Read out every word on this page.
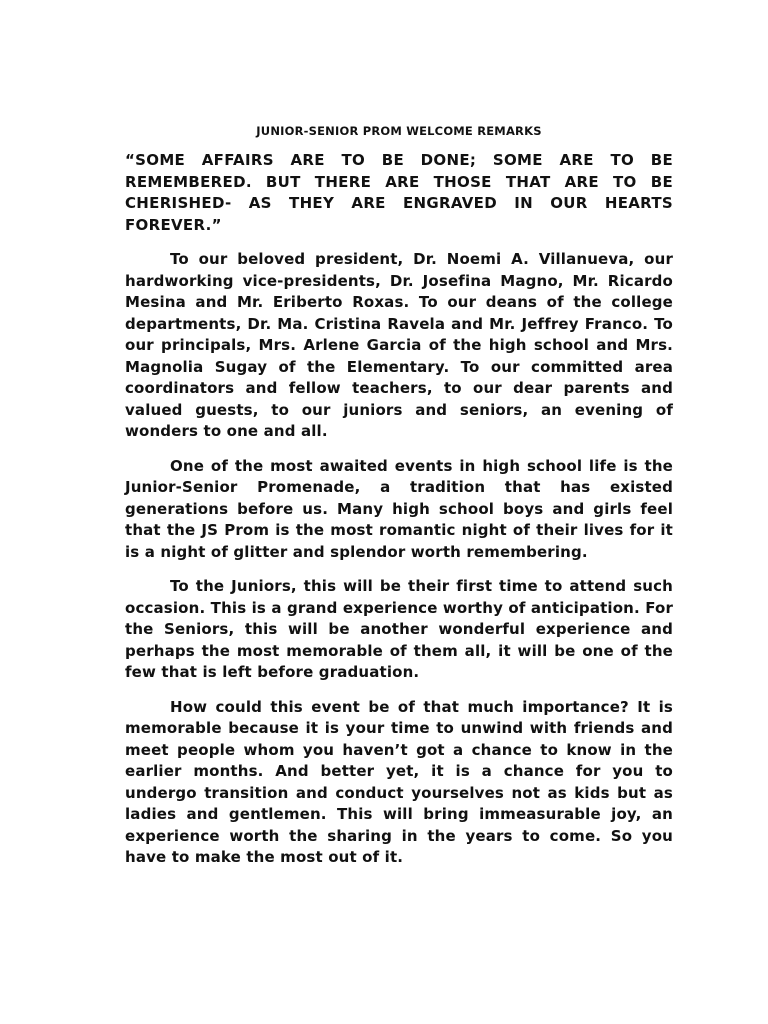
JUNIOR-SENIOR PROM WELCOME REMARKS

“SOME AFFAIRS ARE TO BE DONE; SOME ARE TO BE REMEMBERED. BUT THERE ARE THOSE THAT ARE TO BE CHERISHED- AS THEY ARE ENGRAVED IN OUR HEARTS FOREVER.”

To our beloved president, Dr. Noemi A. Villanueva, our hardworking vice-presidents, Dr. Josefina Magno, Mr. Ricardo Mesina and Mr. Eriberto Roxas. To our deans of the college departments, Dr. Ma. Cristina Ravela and Mr. Jeffrey Franco. To our principals, Mrs. Arlene Garcia of the high school and Mrs. Magnolia Sugay of the Elementary. To our committed area coordinators and fellow teachers, to our dear parents and valued guests, to our juniors and seniors, an evening of wonders to one and all.

One of the most awaited events in high school life is the Junior-Senior Promenade, a tradition that has existed generations before us. Many high school boys and girls feel that the JS Prom is the most romantic night of their lives for it is a night of glitter and splendor worth remembering.

To the Juniors, this will be their first time to attend such occasion. This is a grand experience worthy of anticipation. For the Seniors, this will be another wonderful experience and perhaps the most memorable of them all, it will be one of the few that is left before graduation.

How could this event be of that much importance? It is memorable because it is your time to unwind with friends and meet people whom you haven’t got a chance to know in the earlier months. And better yet, it is a chance for you to undergo transition and conduct yourselves not as kids but as ladies and gentlemen. This will bring immeasurable joy, an experience worth the sharing in the years to come. So you have to make the most out of it.
